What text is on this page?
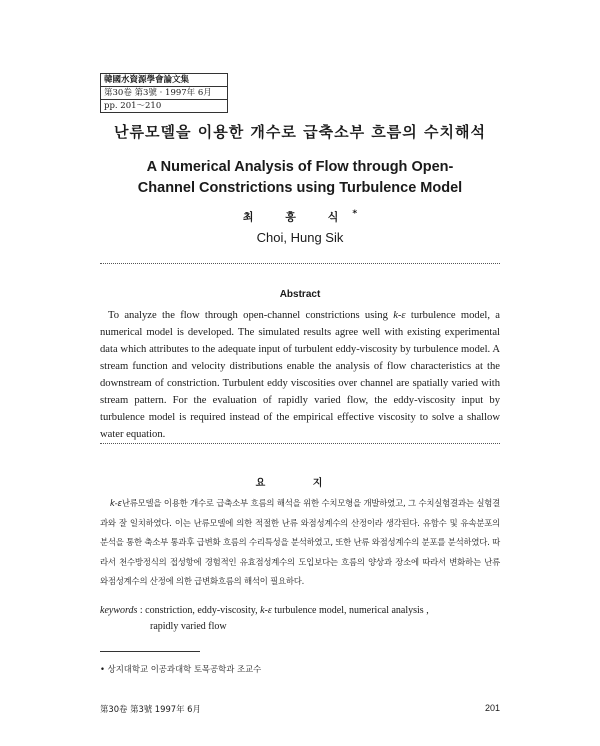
韓國水資源學會論文集
第30卷 第3號 · 1997年 6月
pp. 201～210
난류모델을 이용한 개수로 급축소부 흐름의 수치해석
A Numerical Analysis of Flow through Open-
Channel Constrictions using Turbulence Model
최 흥 식*
Choi, Hung Sik
Abstract
To analyze the flow through open-channel constrictions using k-ε turbulence model, a numerical model is developed. The simulated results agree well with existing experimental data which attributes to the adequate input of turbulent eddy-viscosity by turbulence model. A stream function and velocity distributions enable the analysis of flow characteristics at the downstream of constriction. Turbulent eddy viscosities over channel are spatially varied with stream pattern. For the evaluation of rapidly varied flow, the eddy-viscosity input by turbulence model is required instead of the empirical effective viscosity to solve a shallow water equation.
요 지
k-ε난류모델을 이용한 개수로 급축소부 흐름의 해석을 위한 수치모형을 개발하였고, 그 수치실험결과는 실험결과와 잘 일치하였다. 이는 난류모델에 의한 적절한 난류 와점성계수의 산정이라 생각된다. 유함수 및 유속분포의 분석을 통한 축소부 통과후 급변화 흐름의 수리특성을 분석하였고, 또한 난류 와점성계수의 분포를 분석하였다. 따라서 천수방정식의 접성항에 경험적인 유효점성계수의 도입보다는 흐름의 양상과 장소에 따라서 변화하는 난류 와점성계수의 산정에 의한 급변화흐름의 해석이 필요하다.
keywords : constriction, eddy-viscosity, k-ε turbulence model, numerical analysis ,
rapidly varied flow
• 상지대학교 이공과대학 토목공학과 조교수
第30卷 第3號 1997年 6月	201
